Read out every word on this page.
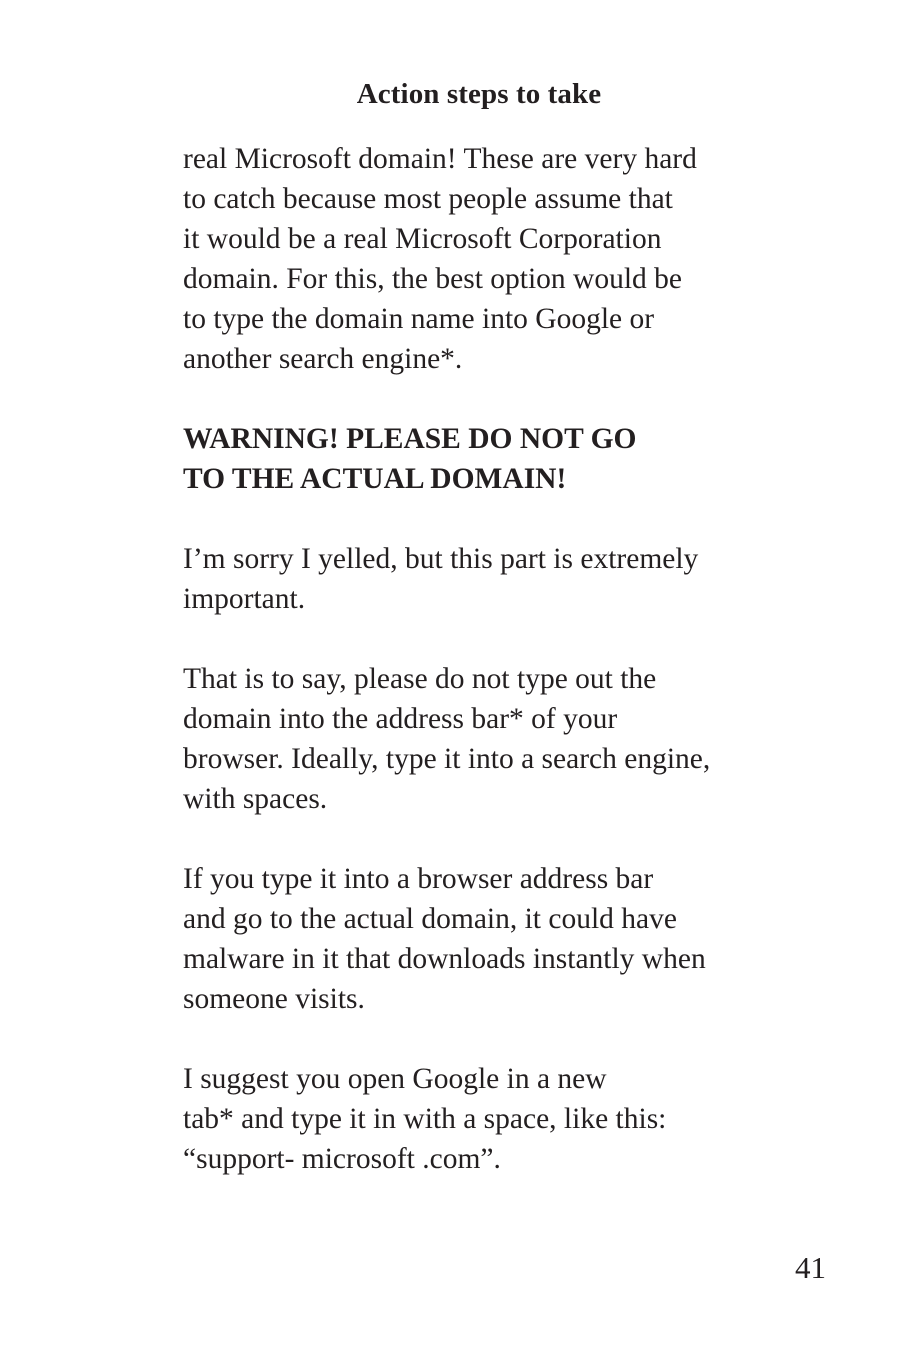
Action steps to take

real Microsoft domain! These are very hard
to catch because most people assume that
it would be a real Microsoft Corporation
domain. For this, the best option would be
to type the domain name into Google or
another search engine*.

WARNING! PLEASE DO NOT GO
TO THE ACTUAL DOMAIN!

I’m sorry I yelled, but this part is extremely
important.

That is to say, please do not type out the
domain into the address bar* of your
browser. Ideally, type it into a search engine,
with spaces.

If you type it into a browser address bar
and go to the actual domain, it could have
malware in it that downloads instantly when
someone visits.

I suggest you open Google in a new
tab* and type it in with a space, like this:
“support- microsoft .com”.

41
